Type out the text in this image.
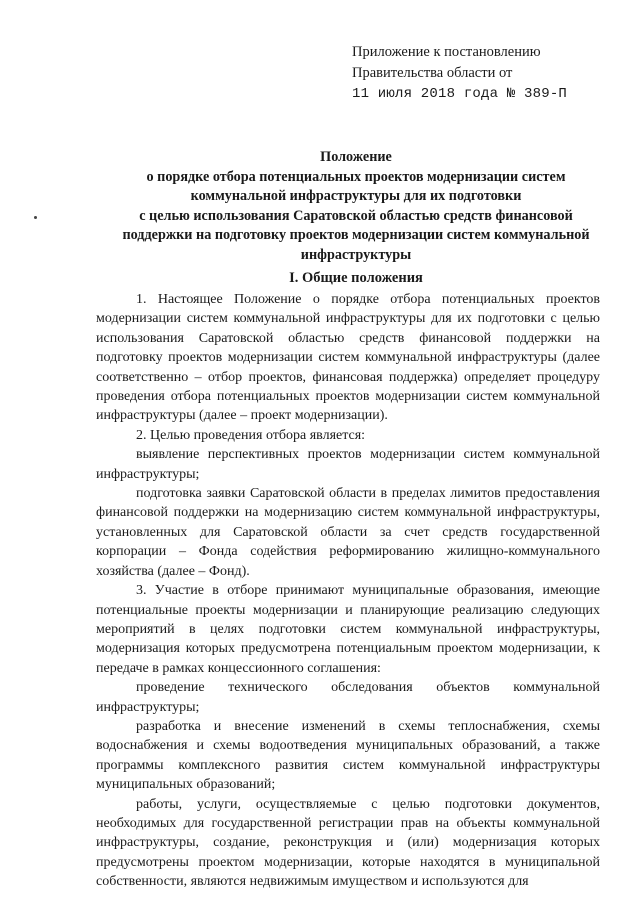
Приложение к постановлению
Правительства области от
11 июля 2018 года № 389-П
Положение
о порядке отбора потенциальных проектов модернизации систем
коммунальной инфраструктуры для их подготовки
с целью использования Саратовской областью средств финансовой
поддержки на подготовку проектов модернизации систем коммунальной
инфраструктуры
I. Общие положения

1. Настоящее Положение о порядке отбора потенциальных проектов модернизации систем коммунальной инфраструктуры для их подготовки с целью использования Саратовской областью средств финансовой поддержки на подготовку проектов модернизации систем коммунальной инфраструктуры (далее соответственно – отбор проектов, финансовая поддержка) определяет процедуру проведения отбора потенциальных проектов модернизации систем коммунальной инфраструктуры (далее – проект модернизации).

2. Целью проведения отбора является:

выявление перспективных проектов модернизации систем коммунальной инфраструктуры;

подготовка заявки Саратовской области в пределах лимитов предоставления финансовой поддержки на модернизацию систем коммунальной инфраструктуры, установленных для Саратовской области за счет средств государственной корпорации – Фонда содействия реформированию жилищно-коммунального хозяйства (далее – Фонд).

3. Участие в отборе принимают муниципальные образования, имеющие потенциальные проекты модернизации и планирующие реализацию следующих мероприятий в целях подготовки систем коммунальной инфраструктуры, модернизация которых предусмотрена потенциальным проектом модернизации, к передаче в рамках концессионного соглашения:

проведение технического обследования объектов коммунальной инфраструктуры;

разработка и внесение изменений в схемы теплоснабжения, схемы водоснабжения и схемы водоотведения муниципальных образований, а также программы комплексного развития систем коммунальной инфраструктуры муниципальных образований;

работы, услуги, осуществляемые с целью подготовки документов, необходимых для государственной регистрации прав на объекты коммунальной инфраструктуры, создание, реконструкция и (или) модернизация которых предусмотрены проектом модернизации, которые находятся в муниципальной собственности, являются недвижимым имуществом и используются для
